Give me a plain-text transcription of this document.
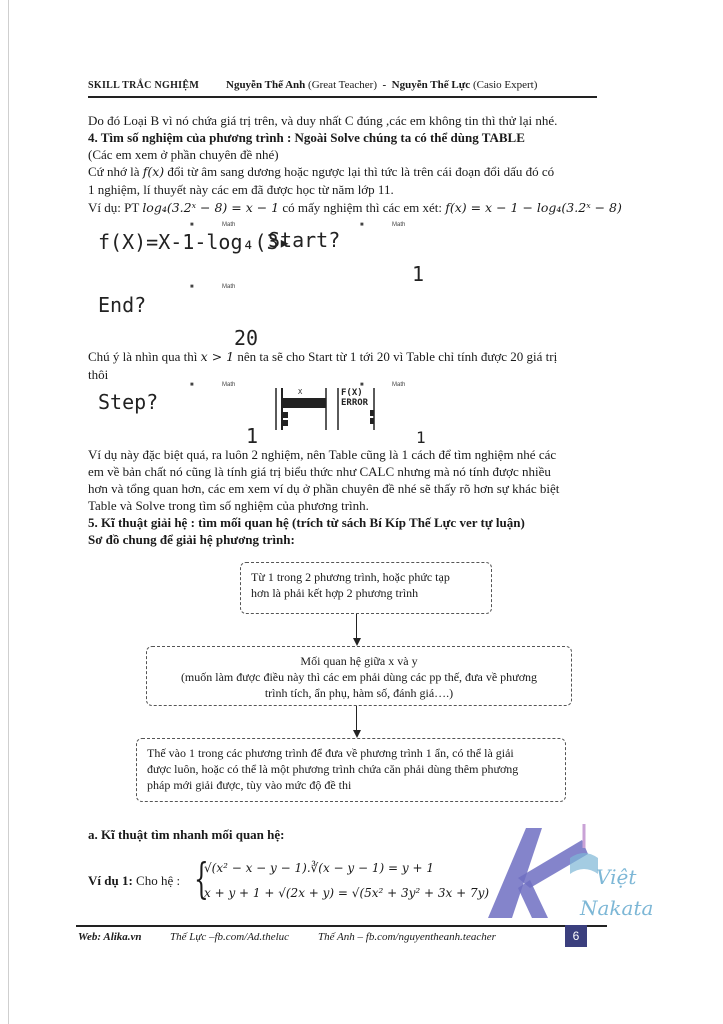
SKILL TRẮC NGHIỆM Nguyễn Thế Anh (Great Teacher) - Nguyễn Thế Lực (Casio Expert)
Do đó Loại B vì nó chứa giá trị trên, và duy nhất C đúng ,các em không tin thì thử lại nhé.
4. Tìm số nghiệm của phương trình : Ngoài Solve chúng ta có thể dùng TABLE
(Các em xem ở phần chuyên đề nhé)
Cứ nhớ là f(x) đổi từ âm sang dương hoặc ngược lại thì tức là trên cái đoạn đổi dấu đó có
1 nghiệm, lí thuyết này các em đã được học từ năm lớp 11.
Ví dụ: PT log₄(3.2ˣ − 8) = x − 1 có mấy nghiệm thì các em xét: f(x) = x − 1 − log₄(3.2ˣ − 8)
■	Math	■	Math
f(X)=X-1-log₄(3▸
Start?
1
■	Math
End?
20
Chú ý là nhìn qua thì x > 1 nên ta sẽ cho Start từ 1 tới 20 vì Table chỉ tính được 20 giá trị
thôi
■	Math	■	Math
Step?	X	F(X)
ERROR
1	1
Ví dụ này đặc biệt quá, ra luôn 2 nghiệm, nên Table cũng là 1 cách để tìm nghiệm nhé các
em về bản chất nó cũng là tính giá trị biểu thức như CALC nhưng mà nó tính được nhiều
hơn và tổng quan hơn, các em xem ví dụ ở phần chuyên đề nhé sẽ thấy rõ hơn sự khác biệt
Table và Solve trong tìm số nghiệm của phương trình.
5. Kĩ thuật giải hệ : tìm mối quan hệ (trích từ sách Bí Kíp Thế Lực ver tự luận)
Sơ đồ chung để giải hệ phương trình:
Từ 1 trong 2 phương trình, hoặc phức tạp
hơn là phải kết hợp 2 phương trình
Mối quan hệ giữa x và y
(muốn làm được điều này thì các em phải dùng các pp thế, đưa về phương
trình tích, ẩn phụ, hàm số, đánh giá….)
Thế vào 1 trong các phương trình để đưa về phương trình 1 ẩn, có thể là giải
được luôn, hoặc có thể là một phương trình chứa căn phải dùng thêm phương
pháp mới giải được, tùy vào mức độ đề thi
a. Kĩ thuật tìm nhanh mối quan hệ:
Ví dụ 1: Cho hệ : {
√(x² − x − y − 1).∛(x − y − 1) = y + 1
x + y + 1 + √(2x + y) = √(5x² + 3y² + 3x + 7y)
Việt
Nakata
Web: Alika.vn	Thế Lực –fb.com/Ad.theluc	Thế Anh – fb.com/nguyentheanh.teacher	6
